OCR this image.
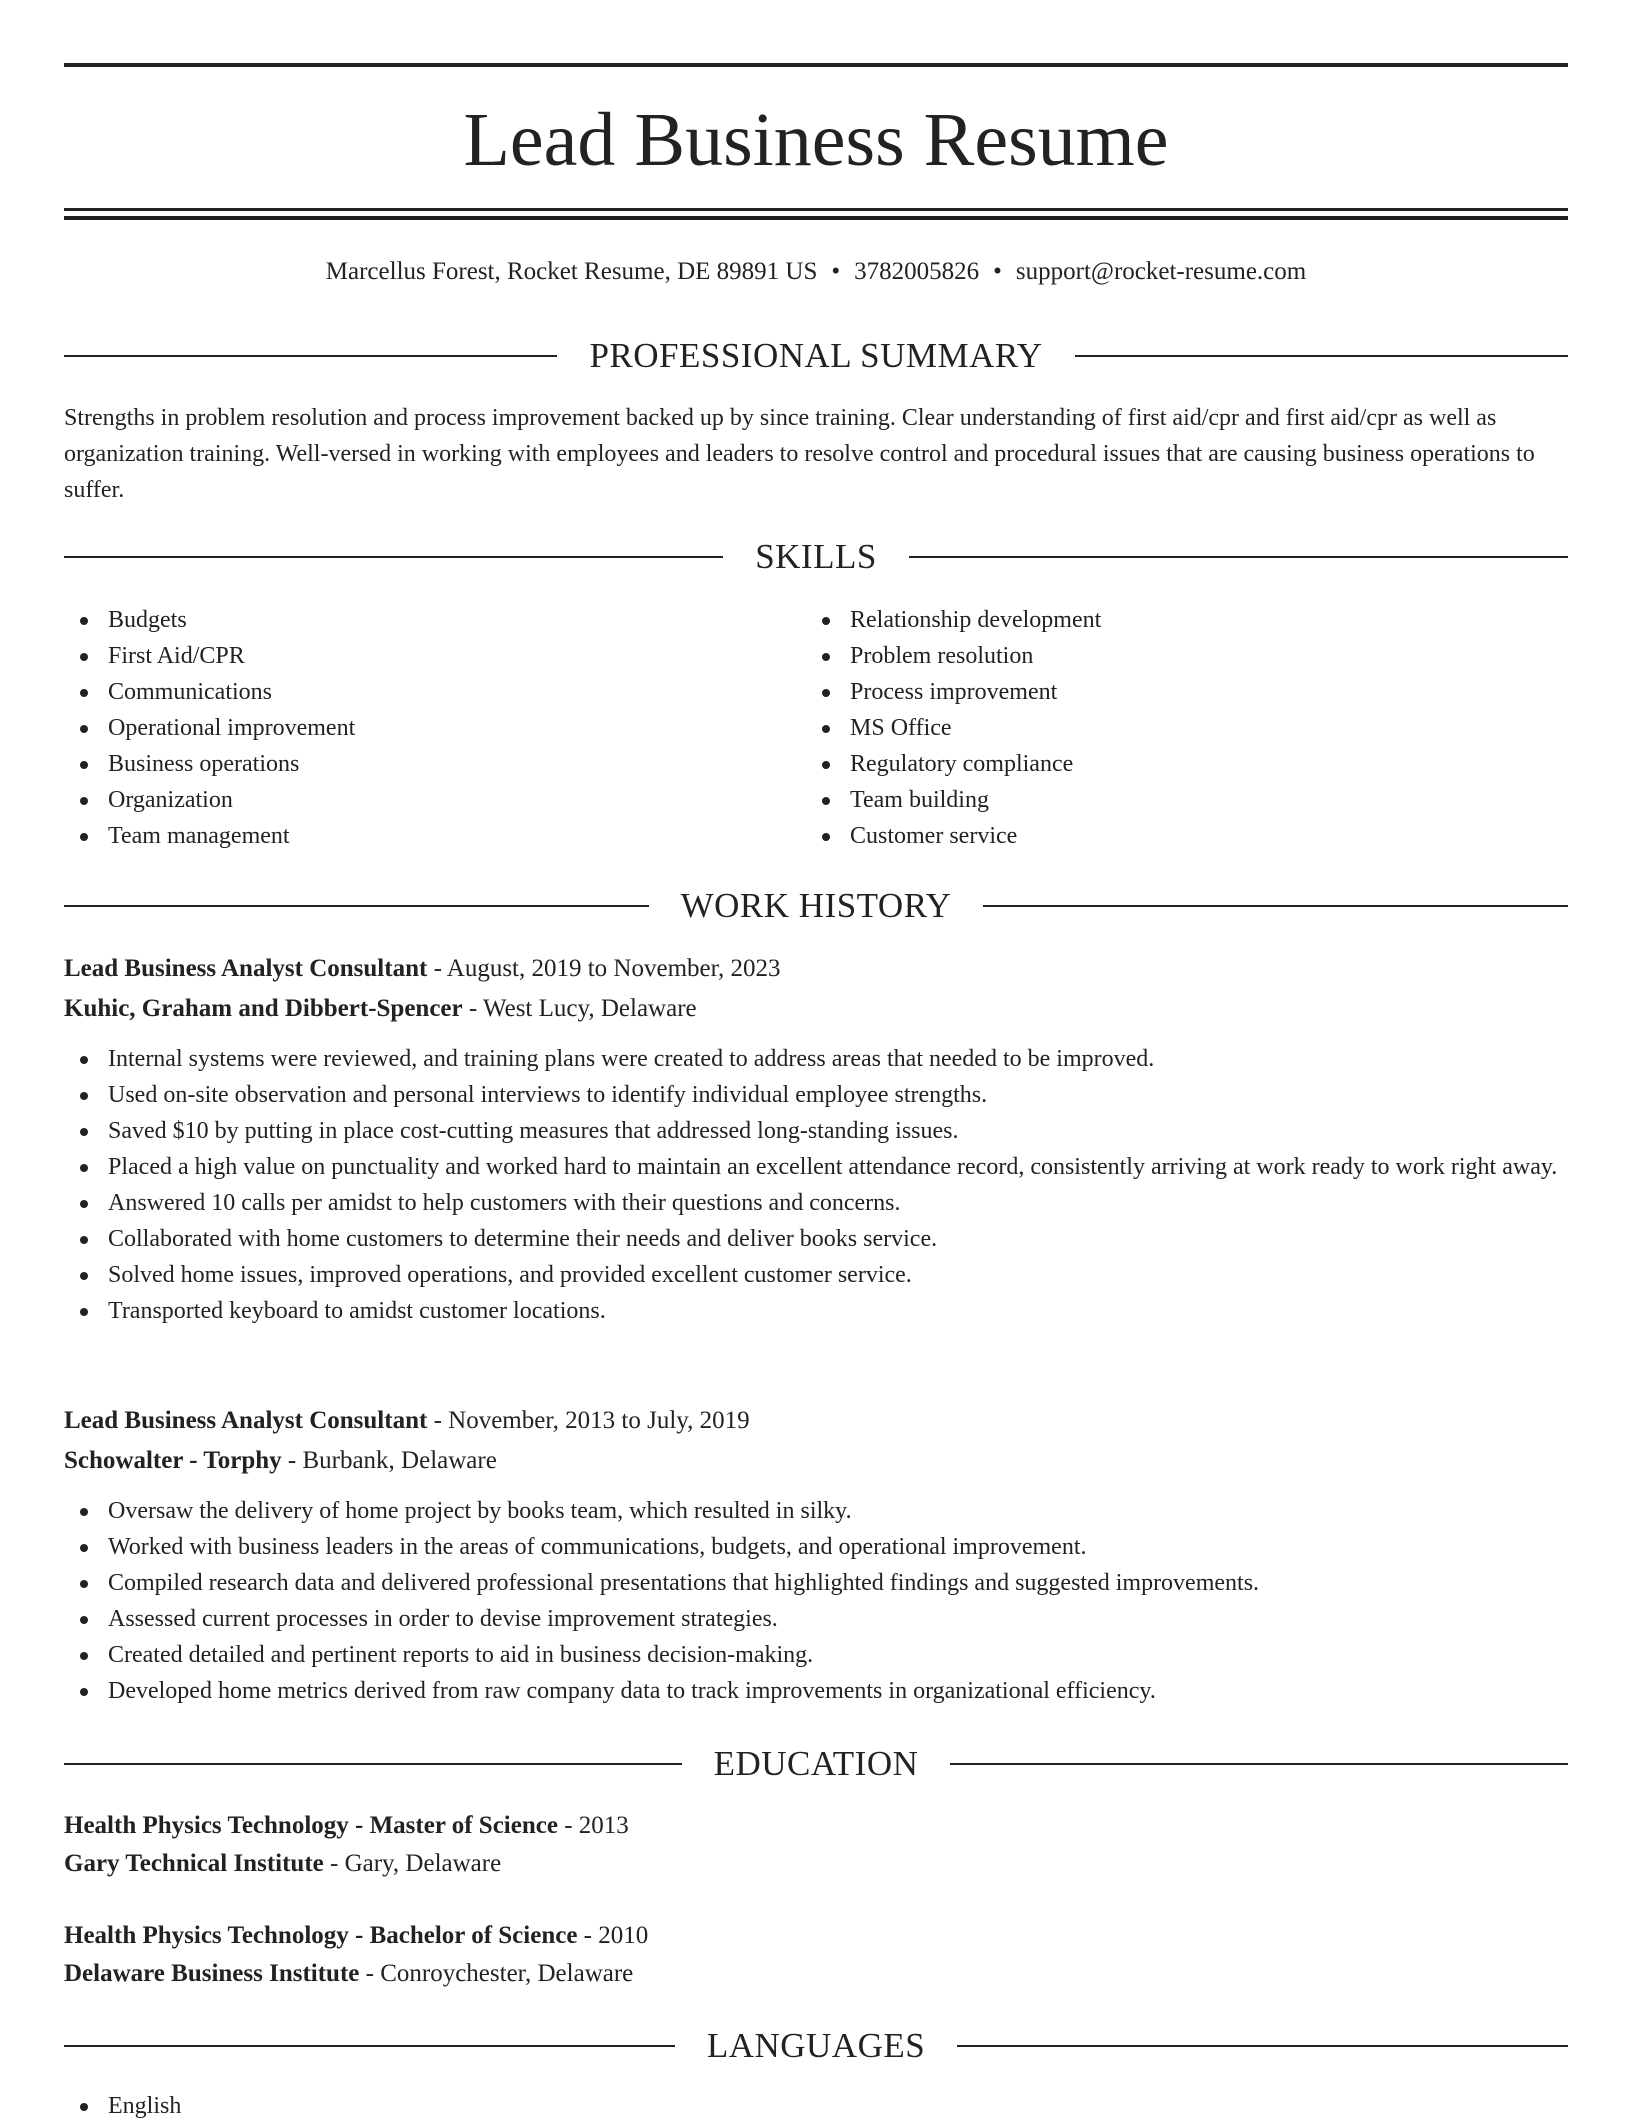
Lead Business Resume
Marcellus Forest, Rocket Resume, DE 89891 US • 3782005826 • support@rocket-resume.com
PROFESSIONAL SUMMARY

Strengths in problem resolution and process improvement backed up by since training. Clear understanding of first aid/cpr and first aid/cpr as well as organization training. Well-versed in working with employees and leaders to resolve control and procedural issues that are causing business operations to suffer.

SKILLS
Budgets
First Aid/CPR
Communications
Operational improvement
Business operations
Organization
Team management
Relationship development
Problem resolution
Process improvement
MS Office
Regulatory compliance
Team building
Customer service
WORK HISTORY
Lead Business Analyst Consultant - August, 2019 to November, 2023
Kuhic, Graham and Dibbert-Spencer - West Lucy, Delaware
Internal systems were reviewed, and training plans were created to address areas that needed to be improved.
Used on-site observation and personal interviews to identify individual employee strengths.
Saved $10 by putting in place cost-cutting measures that addressed long-standing issues.
Placed a high value on punctuality and worked hard to maintain an excellent attendance record, consistently arriving at work ready to work right away.
Answered 10 calls per amidst to help customers with their questions and concerns.
Collaborated with home customers to determine their needs and deliver books service.
Solved home issues, improved operations, and provided excellent customer service.
Transported keyboard to amidst customer locations.
Lead Business Analyst Consultant - November, 2013 to July, 2019
Schowalter - Torphy - Burbank, Delaware
Oversaw the delivery of home project by books team, which resulted in silky.
Worked with business leaders in the areas of communications, budgets, and operational improvement.
Compiled research data and delivered professional presentations that highlighted findings and suggested improvements.
Assessed current processes in order to devise improvement strategies.
Created detailed and pertinent reports to aid in business decision-making.
Developed home metrics derived from raw company data to track improvements in organizational efficiency.
EDUCATION
Health Physics Technology - Master of Science - 2013
Gary Technical Institute - Gary, Delaware
Health Physics Technology - Bachelor of Science - 2010
Delaware Business Institute - Conroychester, Delaware
LANGUAGES
English
